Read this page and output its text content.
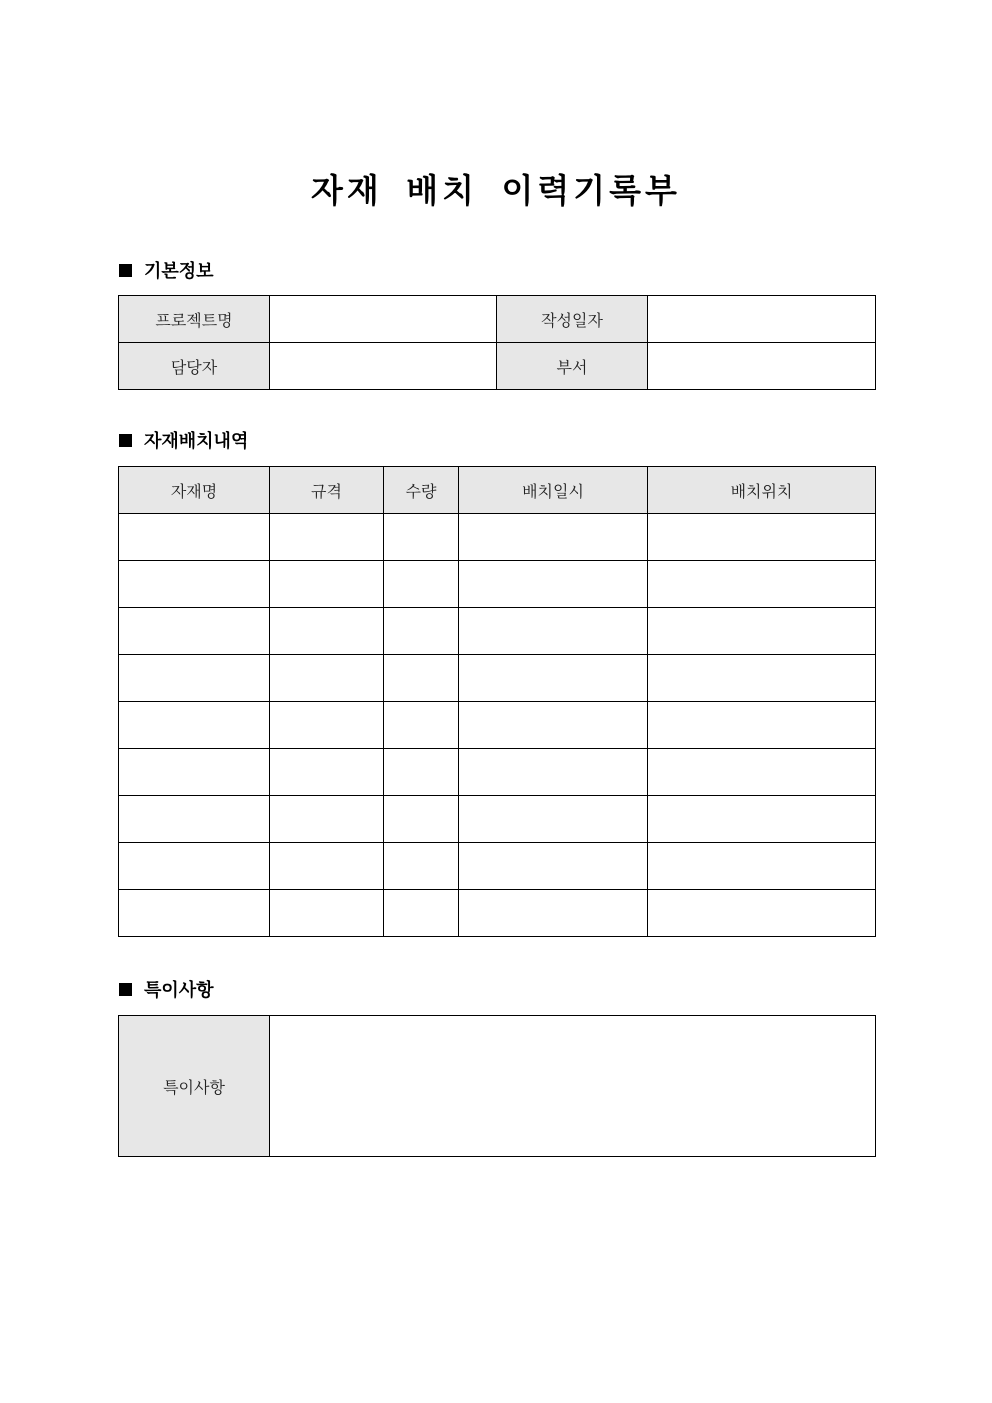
자재 배치 이력기록부
기본정보
프로젝트명		작성일자	
담당자		부서	
자재배치내역
자재명	규격	수량	배치일시	배치위치

특이사항
특이사항	
